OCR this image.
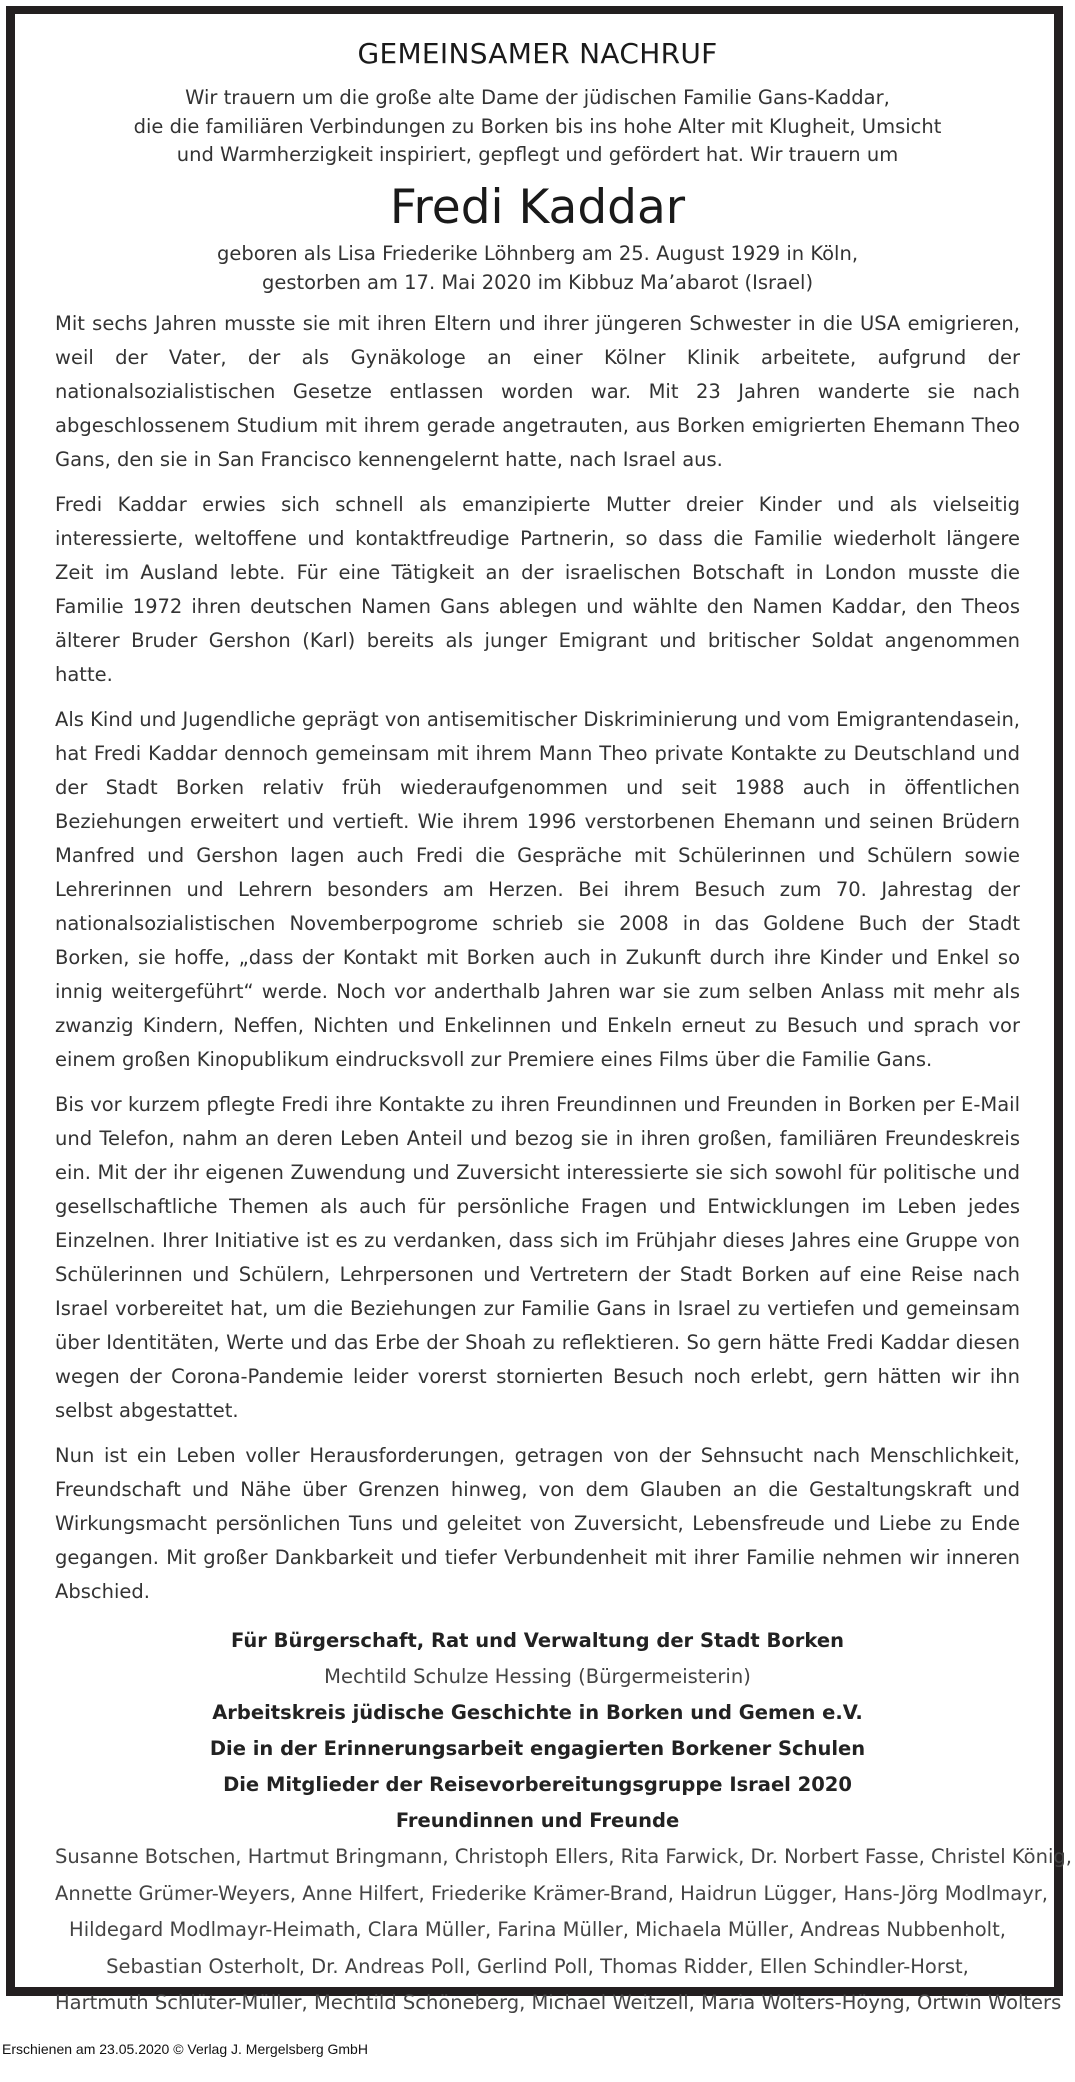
GEMEINSAMER NACHRUF
Wir trauern um die große alte Dame der jüdischen Familie Gans-Kaddar,
die die familiären Verbindungen zu Borken bis ins hohe Alter mit Klugheit, Umsicht
und Warmherzigkeit inspiriert, gepflegt und gefördert hat. Wir trauern um
Fredi Kaddar
geboren als Lisa Friederike Löhnberg am 25. August 1929 in Köln,
gestorben am 17. Mai 2020 im Kibbuz Ma’abarot (Israel)

Mit sechs Jahren musste sie mit ihren Eltern und ihrer jüngeren Schwester in die USA emigrieren, weil der Vater, der als Gynäkologe an einer Kölner Klinik arbeitete, aufgrund der nationalsozialistischen Gesetze entlassen worden war. Mit 23 Jahren wanderte sie nach abgeschlossenem Studium mit ihrem gerade angetrauten, aus Borken emigrierten Ehemann Theo Gans, den sie in San Francisco kennengelernt hatte, nach Israel aus.

Fredi Kaddar erwies sich schnell als emanzipierte Mutter dreier Kinder und als vielseitig interessierte, weltoffene und kontaktfreudige Partnerin, so dass die Familie wiederholt längere Zeit im Ausland lebte. Für eine Tätigkeit an der israelischen Botschaft in London musste die Familie 1972 ihren deutschen Namen Gans ablegen und wählte den Namen Kaddar, den Theos älterer Bruder Gershon (Karl) bereits als junger Emigrant und britischer Soldat angenommen hatte.

Als Kind und Jugendliche geprägt von antisemitischer Diskriminierung und vom Emigrantendasein, hat Fredi Kaddar dennoch gemeinsam mit ihrem Mann Theo private Kontakte zu Deutschland und der Stadt Borken relativ früh wiederaufgenommen und seit 1988 auch in öffentlichen Beziehungen erweitert und vertieft. Wie ihrem 1996 verstorbenen Ehemann und seinen Brüdern Manfred und Gershon lagen auch Fredi die Gespräche mit Schülerinnen und Schülern sowie Lehrerinnen und Lehrern besonders am Herzen. Bei ihrem Besuch zum 70. Jahrestag der nationalsozialistischen Novemberpogrome schrieb sie 2008 in das Goldene Buch der Stadt Borken, sie hoffe, „dass der Kontakt mit Borken auch in Zukunft durch ihre Kinder und Enkel so innig weitergeführt“ werde. Noch vor anderthalb Jahren war sie zum selben Anlass mit mehr als zwanzig Kindern, Neffen, Nichten und Enkelinnen und Enkeln erneut zu Besuch und sprach vor einem großen Kinopublikum eindrucksvoll zur Premiere eines Films über die Familie Gans.

Bis vor kurzem pflegte Fredi ihre Kontakte zu ihren Freundinnen und Freunden in Borken per E-Mail und Telefon, nahm an deren Leben Anteil und bezog sie in ihren großen, familiären Freundeskreis ein. Mit der ihr eigenen Zuwendung und Zuversicht interessierte sie sich sowohl für politische und gesellschaftliche Themen als auch für persönliche Fragen und Entwicklungen im Leben jedes Einzelnen. Ihrer Initiative ist es zu verdanken, dass sich im Frühjahr dieses Jahres eine Gruppe von Schülerinnen und Schülern, Lehrpersonen und Vertretern der Stadt Borken auf eine Reise nach Israel vorbereitet hat, um die Beziehungen zur Familie Gans in Israel zu vertiefen und gemeinsam über Identitäten, Werte und das Erbe der Shoah zu reflektieren. So gern hätte Fredi Kaddar diesen wegen der Corona-Pandemie leider vorerst stornierten Besuch noch erlebt, gern hätten wir ihn selbst abgestattet.

Nun ist ein Leben voller Herausforderungen, getragen von der Sehnsucht nach Menschlichkeit, Freundschaft und Nähe über Grenzen hinweg, von dem Glauben an die Gestaltungskraft und Wirkungsmacht persönlichen Tuns und geleitet von Zuversicht, Lebensfreude und Liebe zu Ende gegangen. Mit großer Dankbarkeit und tiefer Verbundenheit mit ihrer Familie nehmen wir inneren Abschied.

Für Bürgerschaft, Rat und Verwaltung der Stadt Borken
Mechtild Schulze Hessing (Bürgermeisterin)
Arbeitskreis jüdische Geschichte in Borken und Gemen e.V.
Die in der Erinnerungsarbeit engagierten Borkener Schulen
Die Mitglieder der Reisevorbereitungsgruppe Israel 2020
Freundinnen und Freunde
Susanne Botschen, Hartmut Bringmann, Christoph Ellers, Rita Farwick, Dr. Norbert Fasse, Christel König,
Annette Grümer-Weyers, Anne Hilfert, Friederike Krämer-Brand, Haidrun Lügger, Hans-Jörg Modlmayr,
Hildegard Modlmayr-Heimath, Clara Müller, Farina Müller, Michaela Müller, Andreas Nubbenholt,
Sebastian Osterholt, Dr. Andreas Poll, Gerlind Poll, Thomas Ridder, Ellen Schindler-Horst,
Hartmuth Schlüter-Müller, Mechtild Schöneberg, Michael Weitzell, Maria Wolters-Höyng, Ortwin Wolters
Erschienen am 23.05.2020 © Verlag J. Mergelsberg GmbH
